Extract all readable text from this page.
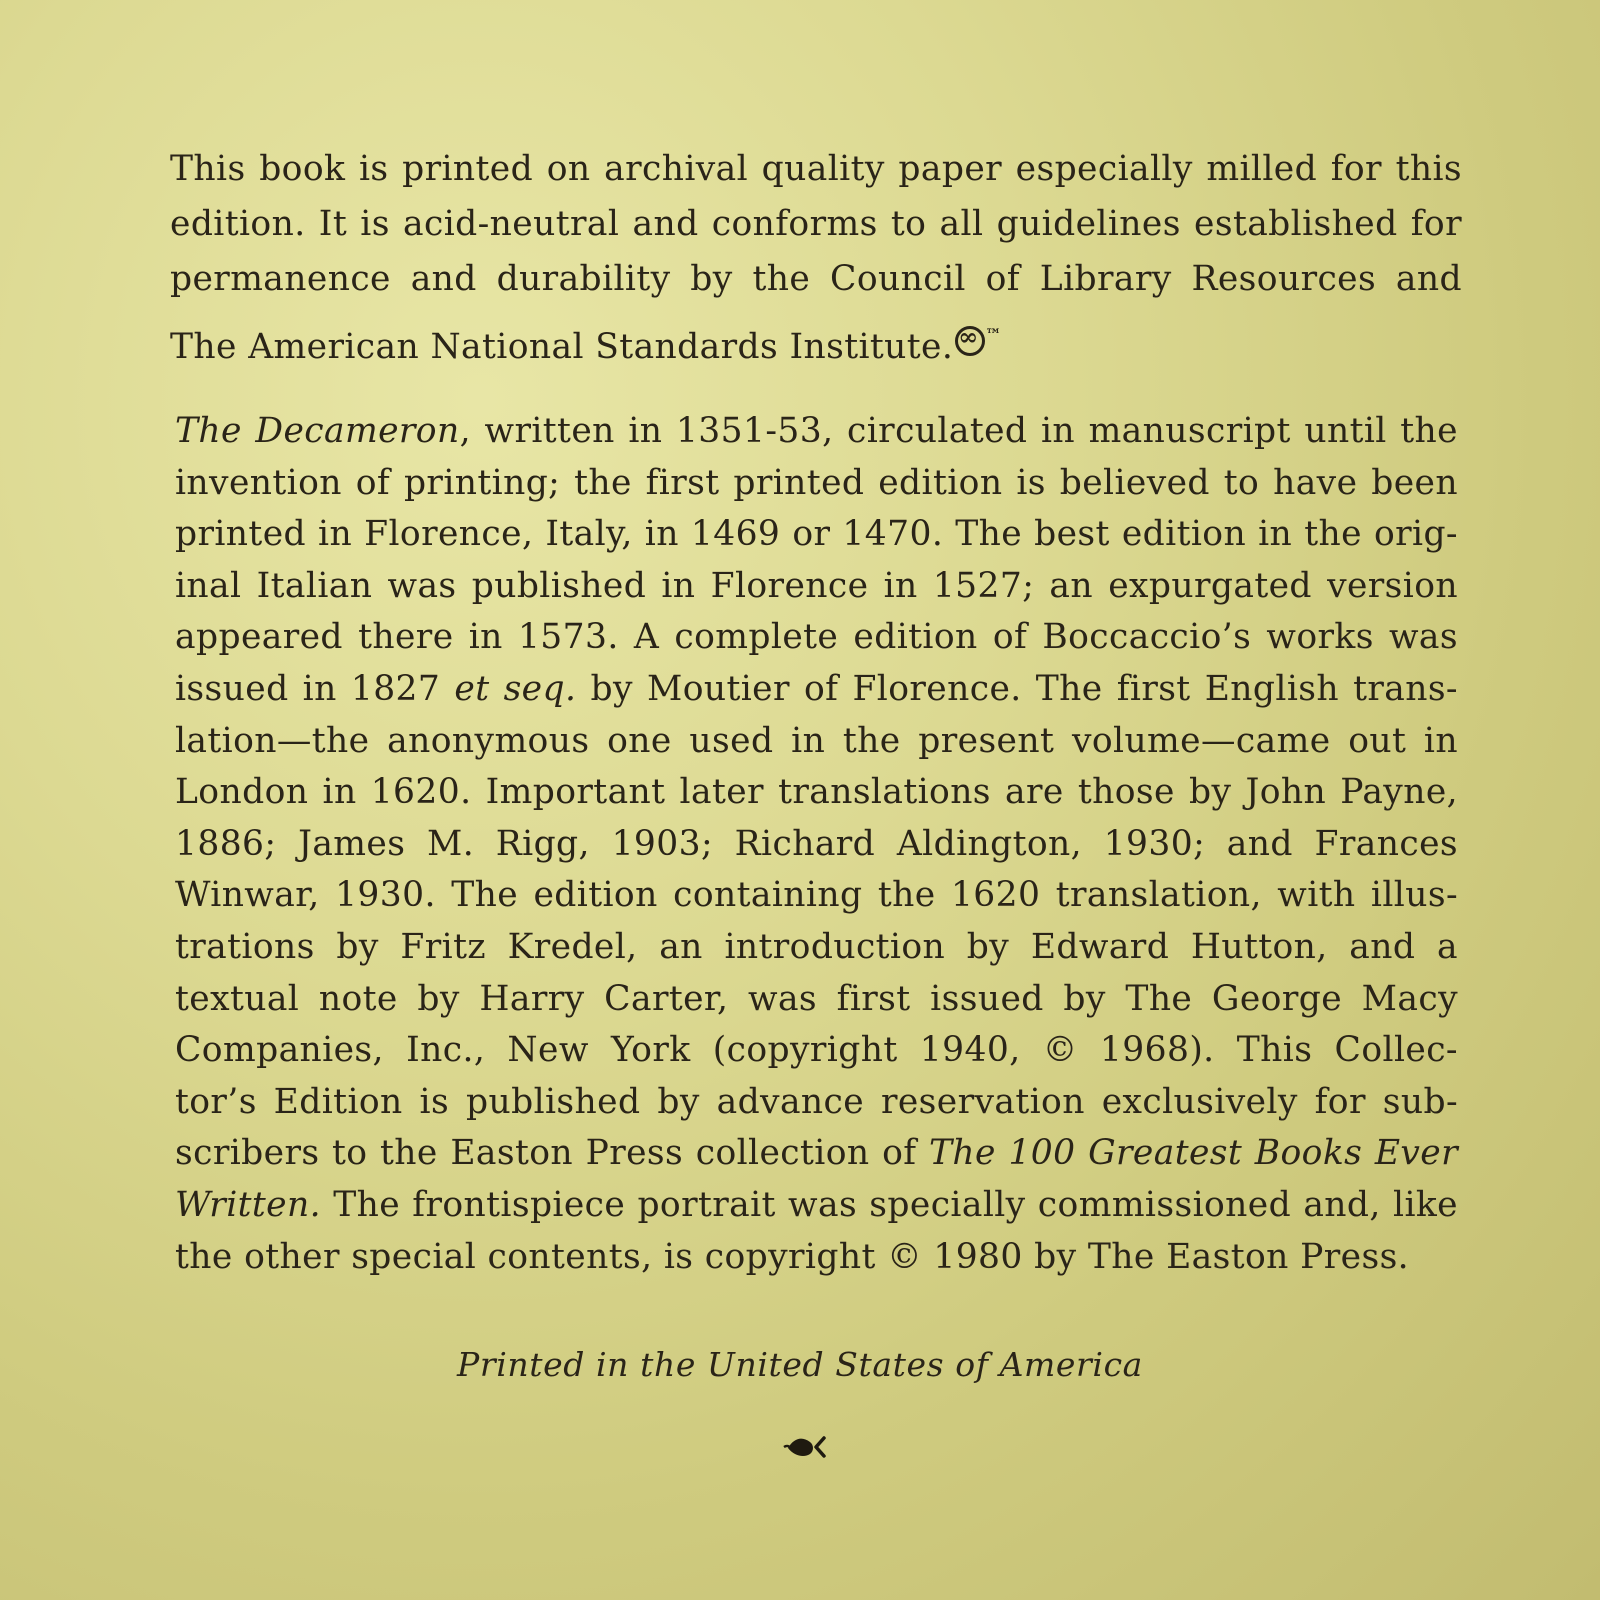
This book is printed on archival quality paper especially milled for this
edition. It is acid-neutral and conforms to all guidelines established for
permanence and durability by the Council of Library Resources and
The American National Standards Institute.∞ ™

The Decameron, written in 1351-53, circulated in manuscript until the
invention of printing; the first printed edition is believed to have been
printed in Florence, Italy, in 1469 or 1470. The best edition in the orig-
inal Italian was published in Florence in 1527; an expurgated version
appeared there in 1573. A complete edition of Boccaccio’s works was
issued in 1827 et seq. by Moutier of Florence. The first English trans-
lation—the anonymous one used in the present volume—came out in
London in 1620. Important later translations are those by John Payne,
1886; James M. Rigg, 1903; Richard Aldington, 1930; and Frances
Winwar, 1930. The edition containing the 1620 translation, with illus-
trations by Fritz Kredel, an introduction by Edward Hutton, and a
textual note by Harry Carter, was first issued by The George Macy
Companies, Inc., New York (copyright 1940, © 1968). This Collec-
tor’s Edition is published by advance reservation exclusively for sub-
scribers to the Easton Press collection of The 100 Greatest Books Ever
Written. The frontispiece portrait was specially commissioned and, like
the other special contents, is copyright © 1980 by The Easton Press.

Printed in the United States of America
